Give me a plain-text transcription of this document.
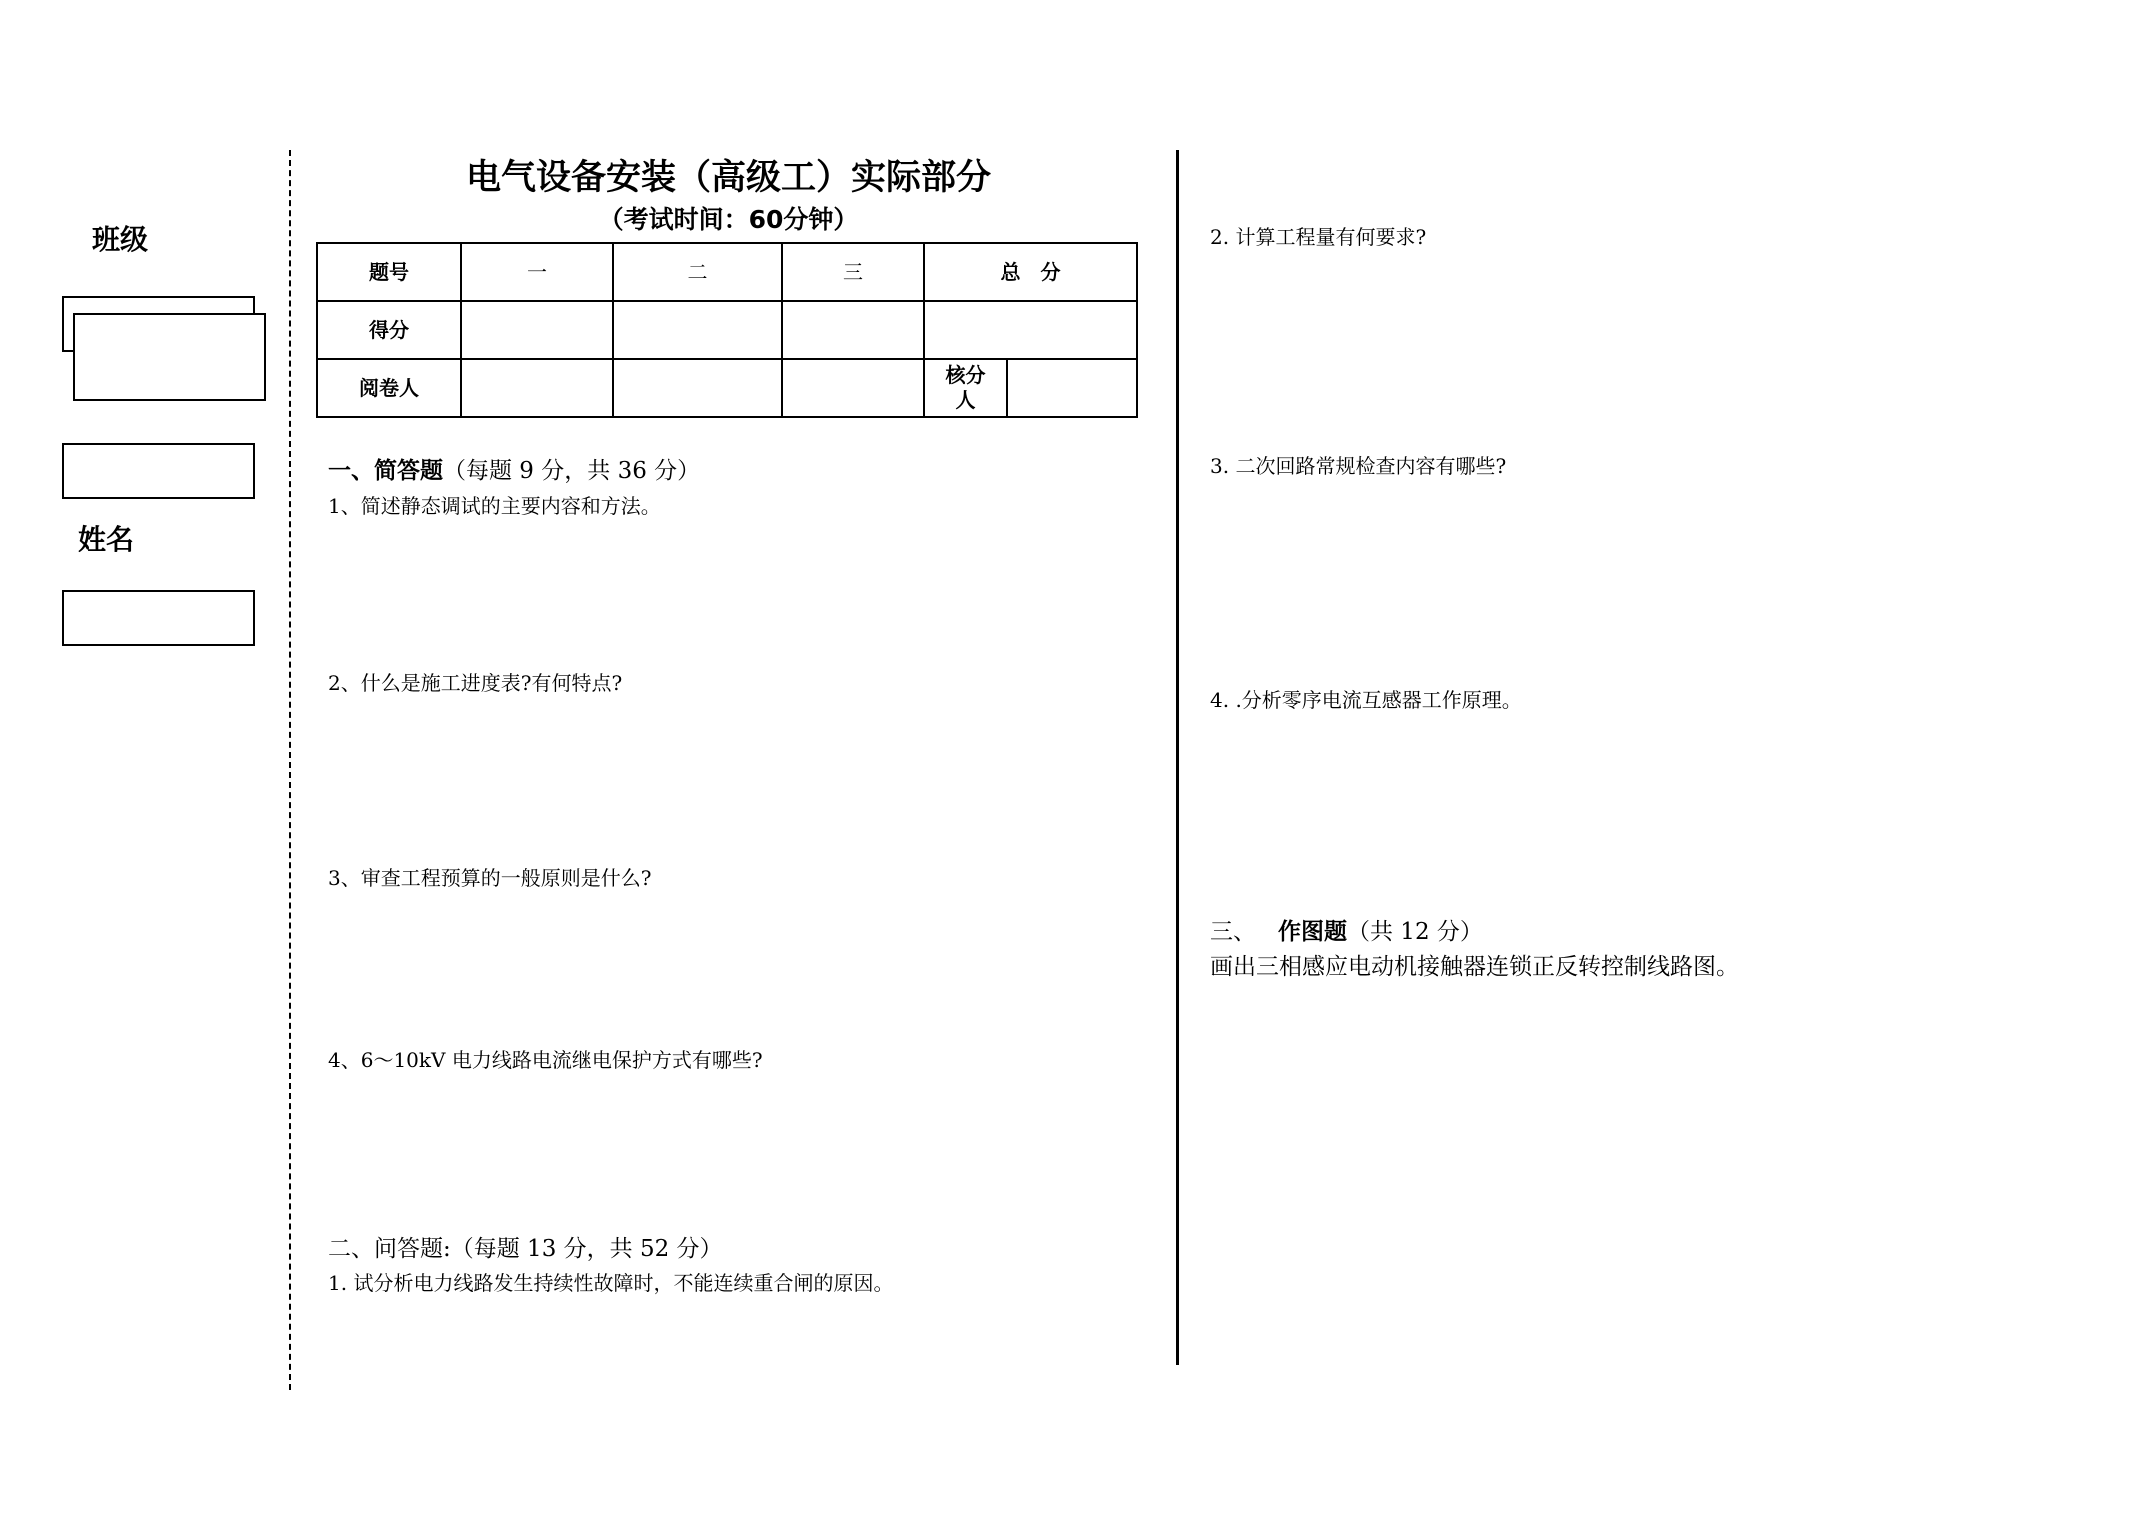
班级
姓名
电气设备安装（高级工）实际部分
（考试时间：60分钟）
题号	一	二	三	总　分	
得分					
阅卷人				核分人	
一、简答题（每题 9 分，共 36 分）
1、简述静态调试的主要内容和方法。
2、什么是施工进度表?有何特点?
3、审查工程预算的一般原则是什么?
4、6～10kV 电力线路电流继电保护方式有哪些?
二、问答题:（每题 13 分，共 52 分）
1. 试分析电力线路发生持续性故障时，不能连续重合闸的原因。
2. 计算工程量有何要求?
3. 二次回路常规检查内容有哪些?
4. .分析零序电流互感器工作原理。
三、 作图题（共 12 分）
画出三相感应电动机接触器连锁正反转控制线路图。
